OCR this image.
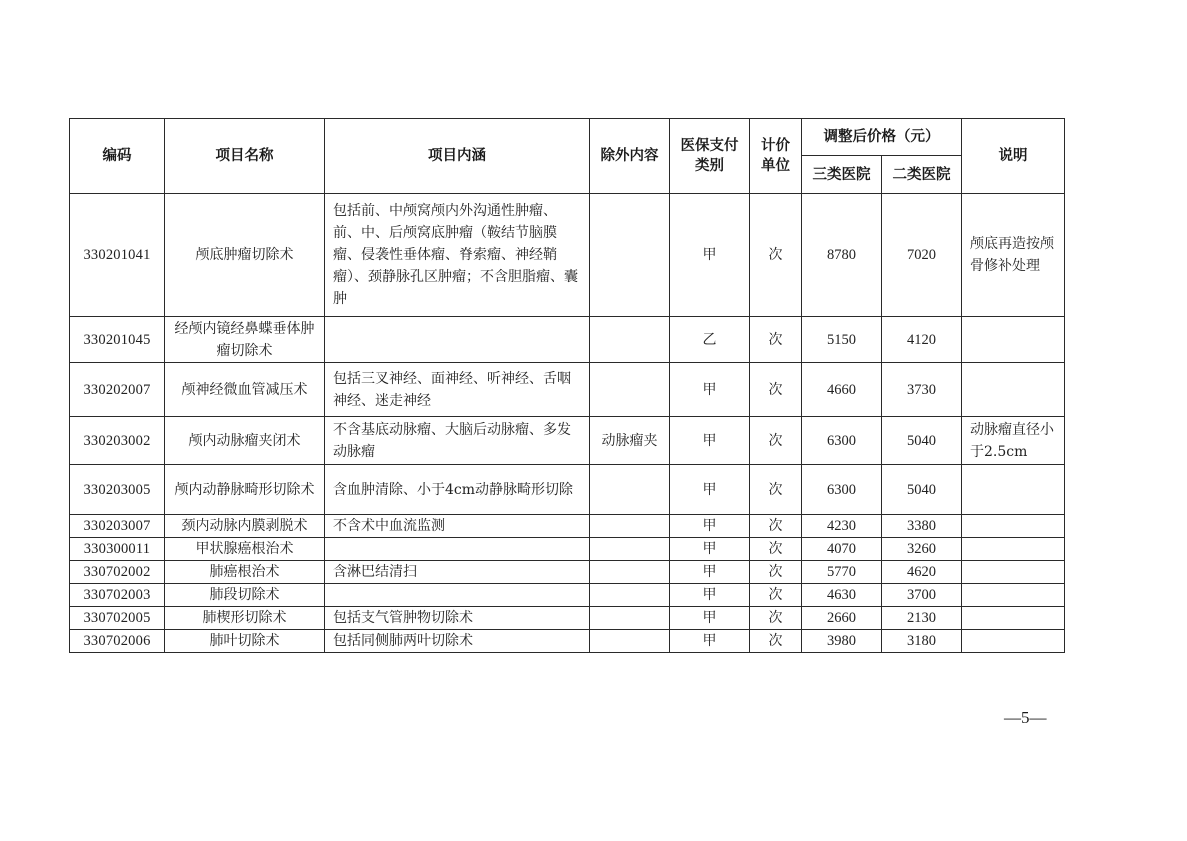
编码	项目名称	项目内涵	除外内容	医保支付类别	计价单位	调整后价格（元）		说明
						三类医院	二类医院	
330201041	颅底肿瘤切除术	包括前、中颅窝颅内外沟通性肿瘤、前、中、后颅窝底肿瘤（鞍结节脑膜瘤、侵袭性垂体瘤、脊索瘤、神经鞘瘤）、颈静脉孔区肿瘤；不含胆脂瘤、囊肿		甲	次	8780	7020	颅底再造按颅骨修补处理
330201045	经颅内镜经鼻蝶垂体肿瘤切除术			乙	次	5150	4120	
330202007	颅神经微血管减压术	包括三叉神经、面神经、听神经、舌咽神经、迷走神经		甲	次	4660	3730	
330203002	颅内动脉瘤夹闭术	不含基底动脉瘤、大脑后动脉瘤、多发动脉瘤	动脉瘤夹	甲	次	6300	5040	动脉瘤直径小于2.5cm
330203005	颅内动静脉畸形切除术	含血肿清除、小于4cm动静脉畸形切除		甲	次	6300	5040	
330203007	颈内动脉内膜剥脱术	不含术中血流监测		甲	次	4230	3380	
330300011	甲状腺癌根治术			甲	次	4070	3260	
330702002	肺癌根治术	含淋巴结清扫		甲	次	5770	4620	
330702003	肺段切除术			甲	次	4630	3700	
330702005	肺楔形切除术	包括支气管肿物切除术		甲	次	2660	2130	
330702006	肺叶切除术	包括同侧肺两叶切除术		甲	次	3980	3180	
—5—
